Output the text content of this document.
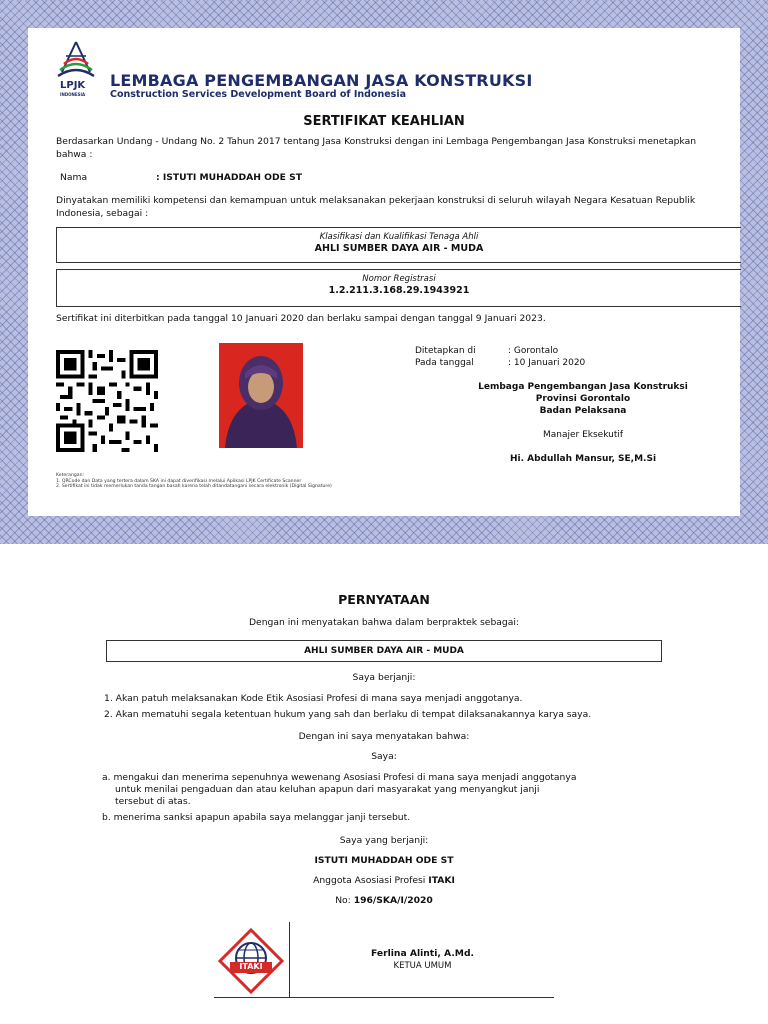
LPJK
INDONESIA
LEMBAGA PENGEMBANGAN JASA KONSTRUKSI
Construction Services Development Board of Indonesia
SERTIFIKAT KEAHLIAN
Berdasarkan Undang - Undang No. 2 Tahun 2017 tentang Jasa Konstruksi dengan ini Lembaga Pengembangan Jasa Konstruksi menetapkan bahwa :
Nama	: ISTUTI MUHADDAH ODE ST
Dinyatakan memiliki kompetensi dan kemampuan untuk melaksanakan pekerjaan konstruksi di seluruh wilayah Negara Kesatuan Republik Indonesia, sebagai :
Klasifikasi dan Kualifikasi Tenaga Ahli
AHLI SUMBER DAYA AIR - MUDA
Nomor Registrasi
1.2.211.3.168.29.1943921
Sertifikat ini diterbitkan pada tanggal 10 Januari 2020 dan berlaku sampai dengan tanggal 9 Januari 2023.
Ditetapkan di	: Gorontalo
Pada tanggal	: 10 Januari 2020
Lembaga Pengembangan Jasa Konstruksi
Provinsi Gorontalo
Badan Pelaksana
Manajer Eksekutif
Hi. Abdullah Mansur, SE,M.Si
Keterangan:
1. QRCode dan Data yang tertera dalam SKA ini dapat diverifikasi melalui Aplikasi LPJK Certificate Scanner
2. Sertifikat ini tidak memerlukan tanda tangan basah karena telah ditandatangani secara elektronik (Digital Signature)
PERNYATAAN
Dengan ini menyatakan bahwa dalam berpraktek sebagai:
AHLI SUMBER DAYA AIR - MUDA
Saya berjanji:
1. Akan patuh melaksanakan Kode Etik Asosiasi Profesi di mana saya menjadi anggotanya.
2. Akan mematuhi segala ketentuan hukum yang sah dan berlaku di tempat dilaksanakannya karya saya.
Dengan ini saya menyatakan bahwa:
Saya:
a. mengakui dan menerima sepenuhnya wewenang Asosiasi Profesi di mana saya menjadi anggotanya
untuk menilai pengaduan dan atau keluhan apapun dari masyarakat yang menyangkut janji
tersebut di atas.
b. menerima sanksi apapun apabila saya melanggar janji tersebut.
Saya yang berjanji:
ISTUTI MUHADDAH ODE ST
Anggota Asosiasi Profesi ITAKI
No: 196/SKA/I/2020
ITAKI
Ferlina Alinti, A.Md.
KETUA UMUM
